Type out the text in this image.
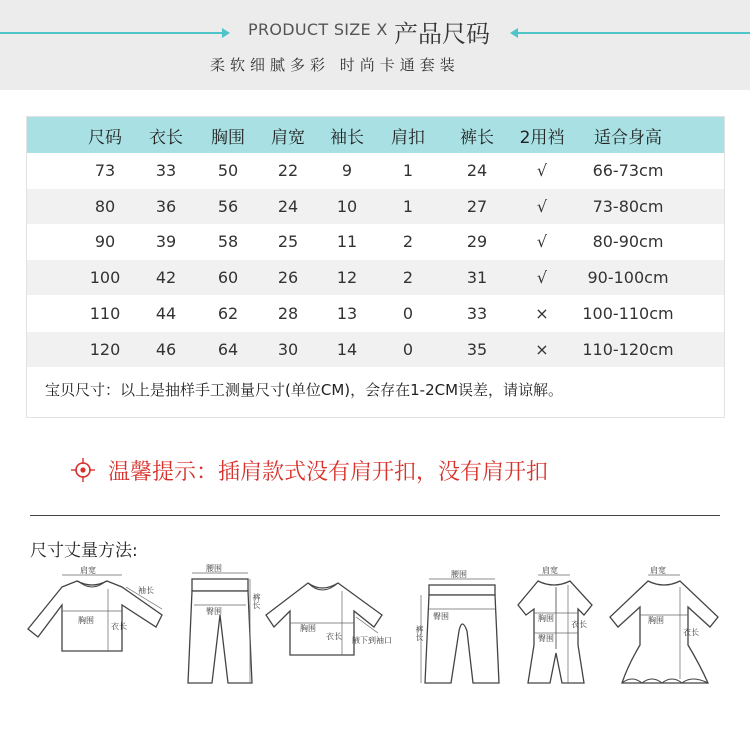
PRODUCT SIZE X 产品尺码
柔软细腻多彩 时尚卡通套装
尺码	衣长	胸围	肩宽	袖长	肩扣	裤长	2用裆	适合身高
73	33	50	22	9	1	24	√	66-73cm
80	36	56	24	10	1	27	√	73-80cm
90	39	58	25	11	2	29	√	80-90cm
100	42	60	26	12	2	31	√	90-100cm
110	44	62	28	13	0	33	×	100-110cm
120	46	64	30	14	0	35	×	110-120cm
宝贝尺寸：以上是抽样手工测量尺寸(单位CM)，会存在1-2CM误差，请谅解。
温馨提示：插肩款式没有肩开扣，没有肩开扣
尺寸丈量方法:
肩宽
袖长
胸围
衣长
腰围
臀围
裤长
胸围
衣长 腋下到袖口
腰围
臀围
裤长
肩宽
胸围
臀围
衣长
肩宽
胸围
衣长
